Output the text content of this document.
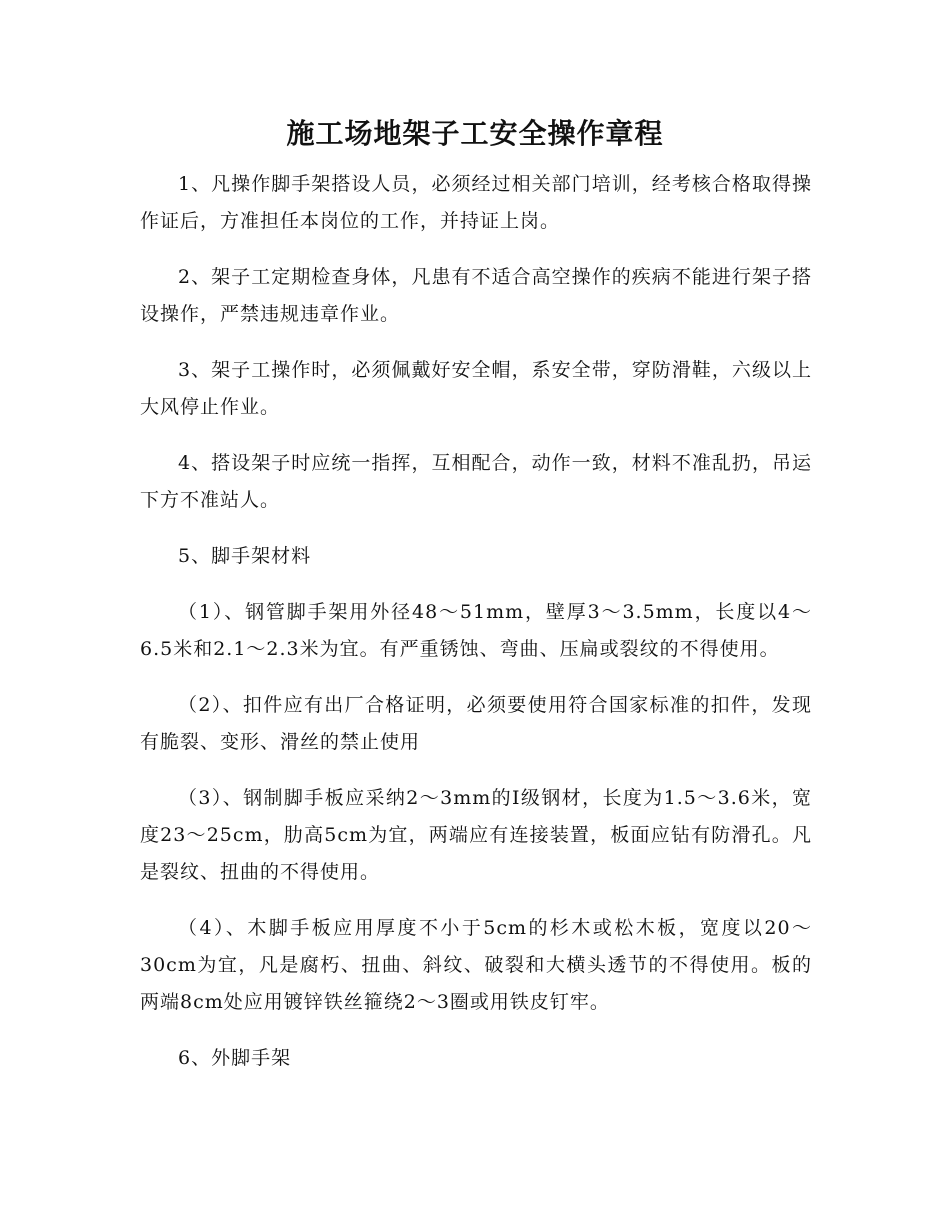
施工场地架子工安全操作章程

1、凡操作脚手架搭设人员，必须经过相关部门培训，经考核合格取得操作证后，方准担任本岗位的工作，并持证上岗。

2、架子工定期检查身体，凡患有不适合高空操作的疾病不能进行架子搭设操作，严禁违规违章作业。

3、架子工操作时，必须佩戴好安全帽，系安全带，穿防滑鞋，六级以上大风停止作业。

4、搭设架子时应统一指挥，互相配合，动作一致，材料不准乱扔，吊运下方不准站人。

5、脚手架材料

（1）、钢管脚手架用外径48～51mm，壁厚3～3.5mm，长度以4～6.5米和2.1～2.3米为宜。有严重锈蚀、弯曲、压扁或裂纹的不得使用。

（2）、扣件应有出厂合格证明，必须要使用符合国家标准的扣件，发现有脆裂、变形、滑丝的禁止使用

（3）、钢制脚手板应采纳2～3mm的Ⅰ级钢材，长度为1.5～3.6米，宽度23～25cm，肋高5cm为宜，两端应有连接装置，板面应钻有防滑孔。凡是裂纹、扭曲的不得使用。

（4）、木脚手板应用厚度不小于5cm的杉木或松木板，宽度以20～30cm为宜，凡是腐朽、扭曲、斜纹、破裂和大横头透节的不得使用。板的两端8cm处应用镀锌铁丝箍绕2～3圈或用铁皮钉牢。

6、外脚手架
